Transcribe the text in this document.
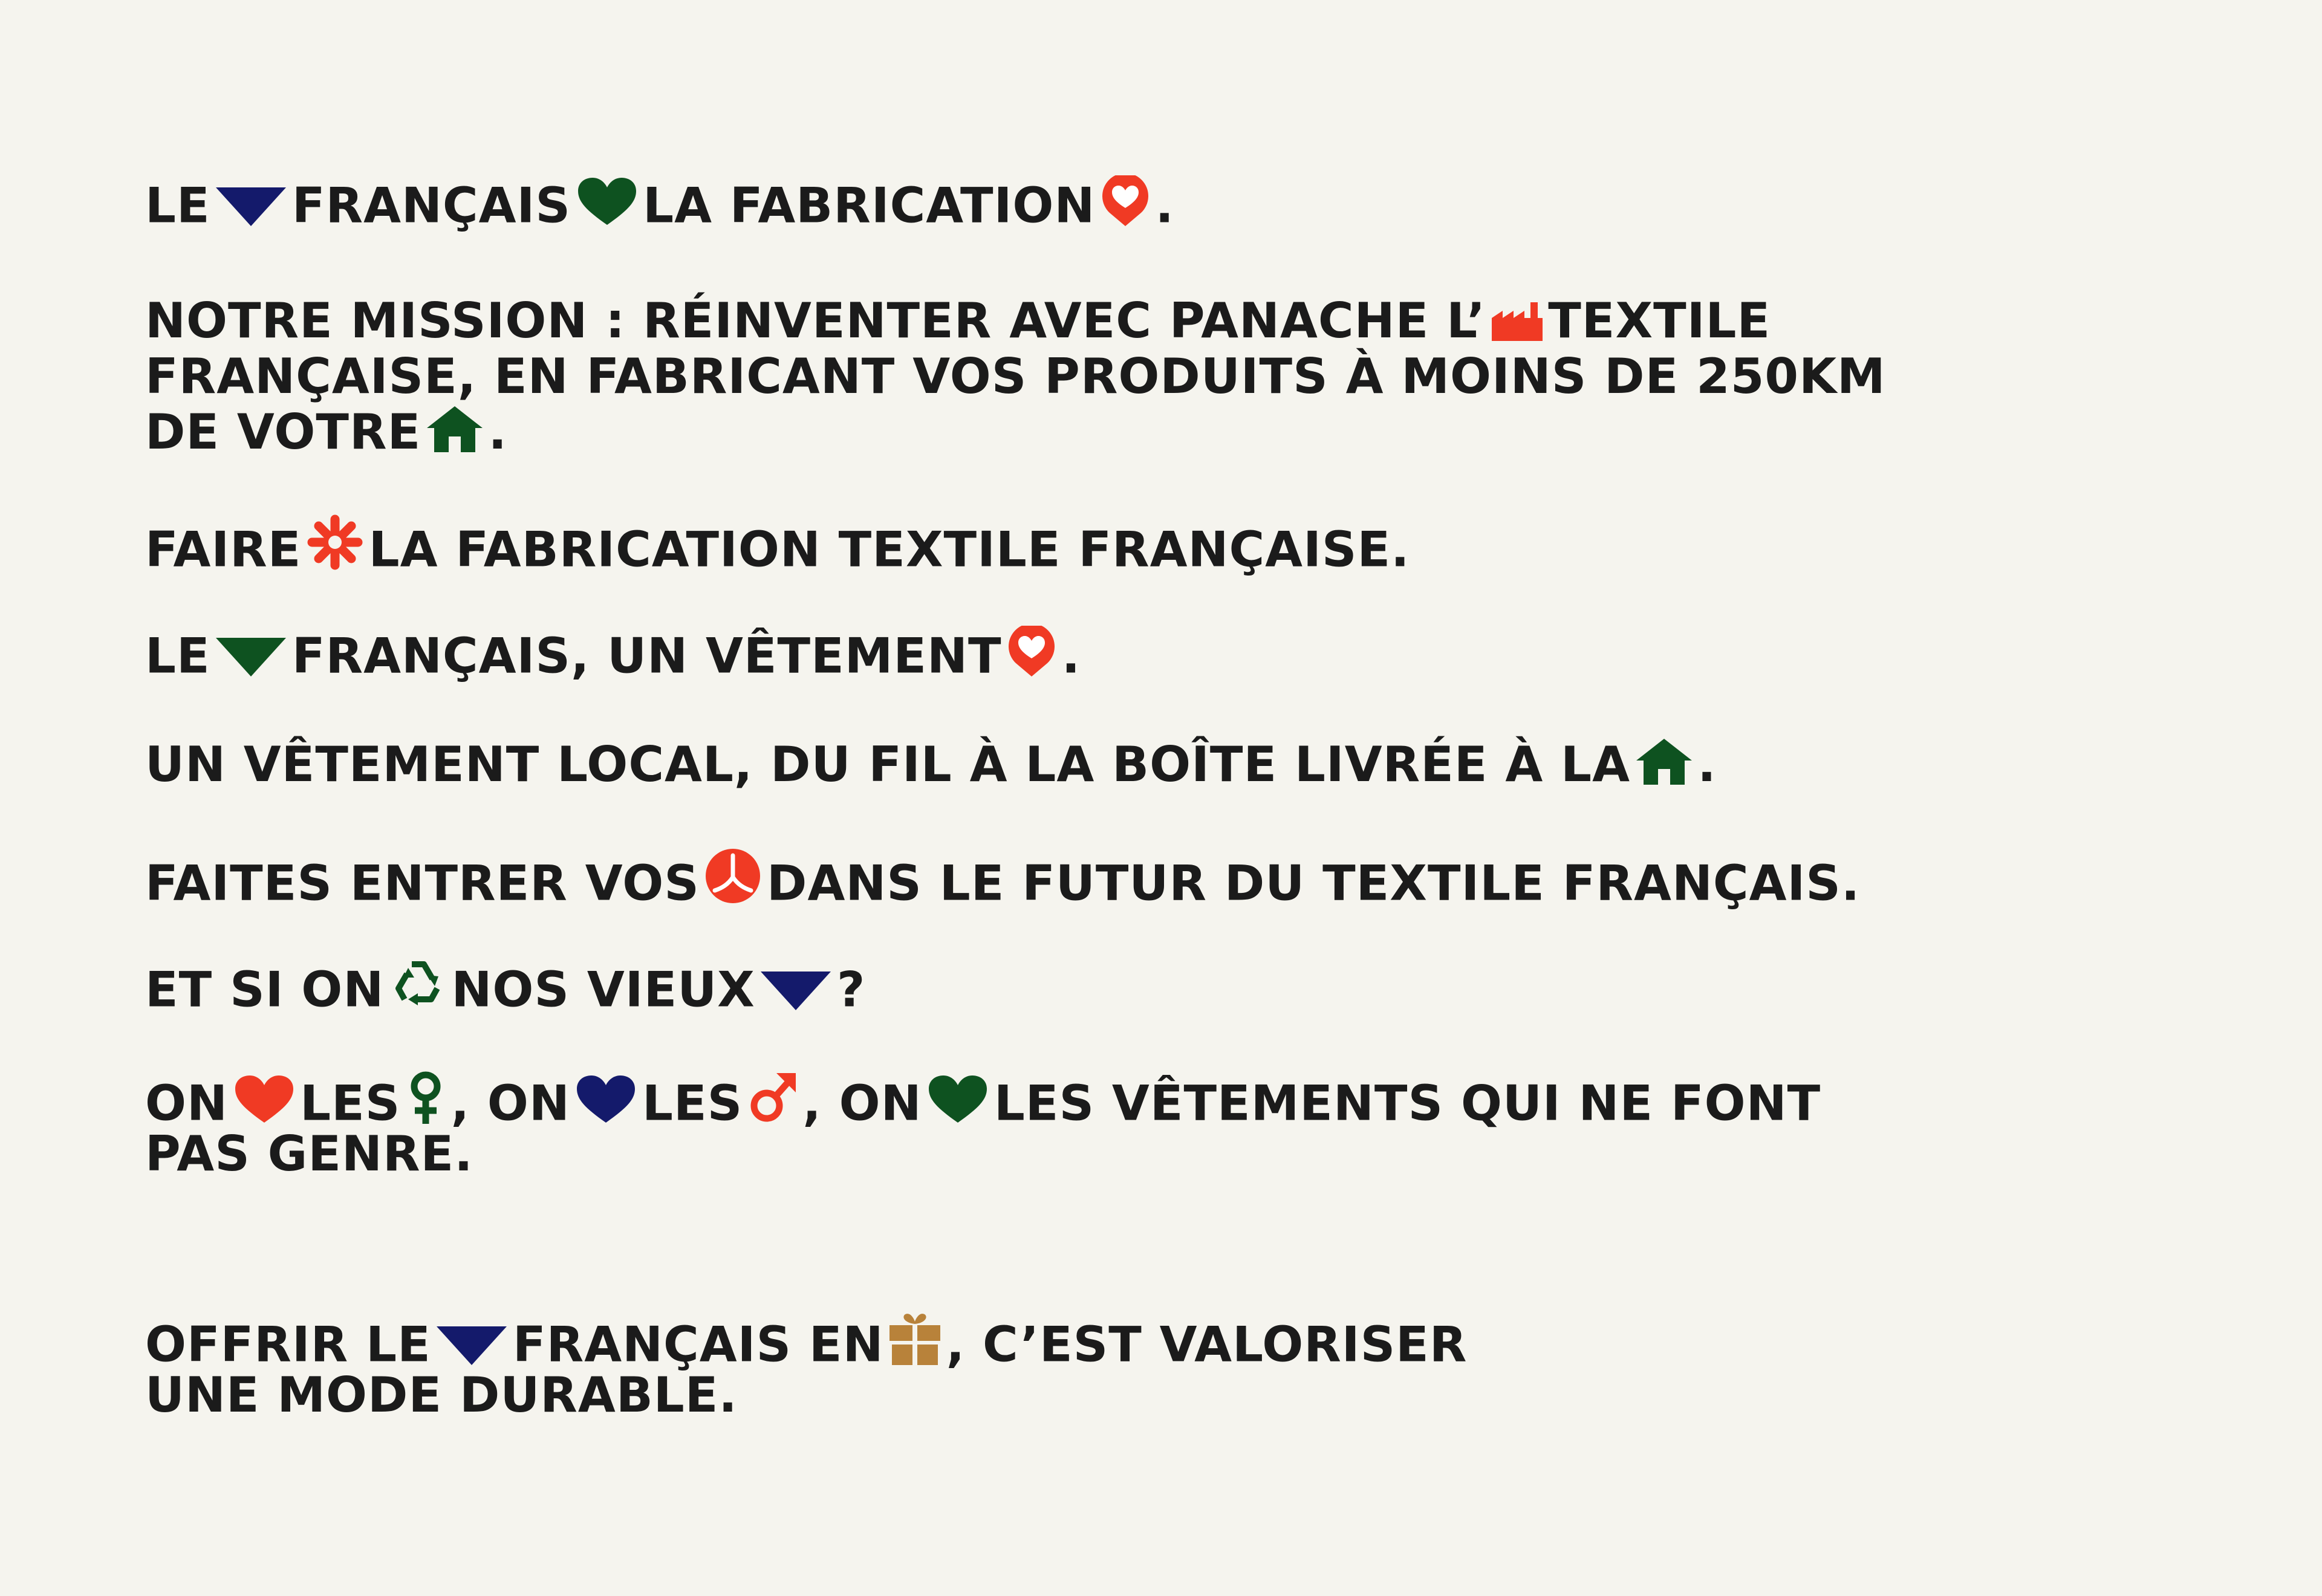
LE FRANÇAIS LA FABRICATION .

NOTRE MISSION : RÉINVENTER AVEC PANACHE L’ TEXTILE

FRANÇAISE, EN FABRICANT VOS PRODUITS À MOINS DE 250KM

DE VOTRE .

FAIRE LA FABRICATION TEXTILE FRANÇAISE.

LE FRANÇAIS, UN VÊTEMENT .

UN VÊTEMENT LOCAL, DU FIL À LA BOÎTE LIVRÉE À LA .

FAITES ENTRER VOS DANS LE FUTUR DU TEXTILE FRANÇAIS.

ET SI ON NOS VIEUX ?

ON LES , ON LES , ON LES VÊTEMENTS QUI NE FONT

PAS GENRE.

OFFRIR LE FRANÇAIS EN , C’EST VALORISER

UNE MODE DURABLE.
